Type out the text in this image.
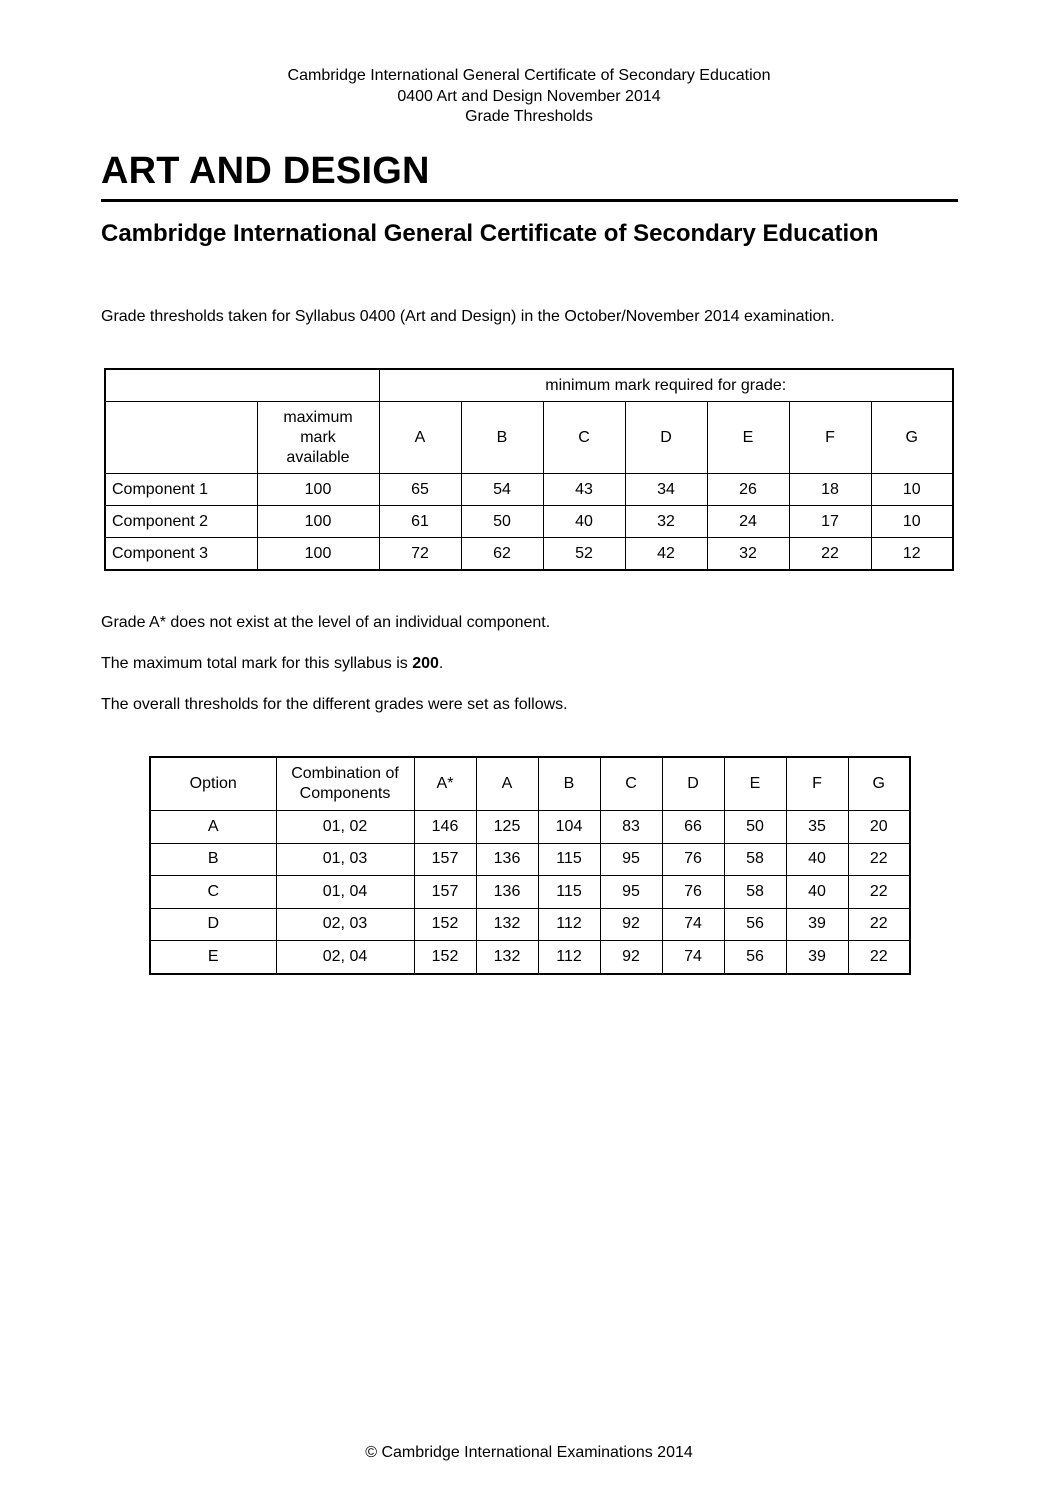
Cambridge International General Certificate of Secondary Education
0400 Art and Design November 2014
Grade Thresholds
ART AND DESIGN
Cambridge International General Certificate of Secondary Education

Grade thresholds taken for Syllabus 0400 (Art and Design) in the October/November 2014 examination.

		minimum mark required for grade:						
	maximum
mark
available	A	B	C	D	E	F	G
Component 1	100	65	54	43	34	26	18	10
Component 2	100	61	50	40	32	24	17	10
Component 3	100	72	62	52	42	32	22	12

Grade A* does not exist at the level of an individual component.

The maximum total mark for this syllabus is 200.

The overall thresholds for the different grades were set as follows.

Option	Combination of
Components	A*	A	B	C	D	E	F	G
A	01, 02	146	125	104	83	66	50	35	20
B	01, 03	157	136	115	95	76	58	40	22
C	01, 04	157	136	115	95	76	58	40	22
D	02, 03	152	132	112	92	74	56	39	22
E	02, 04	152	132	112	92	74	56	39	22
© Cambridge International Examinations 2014
